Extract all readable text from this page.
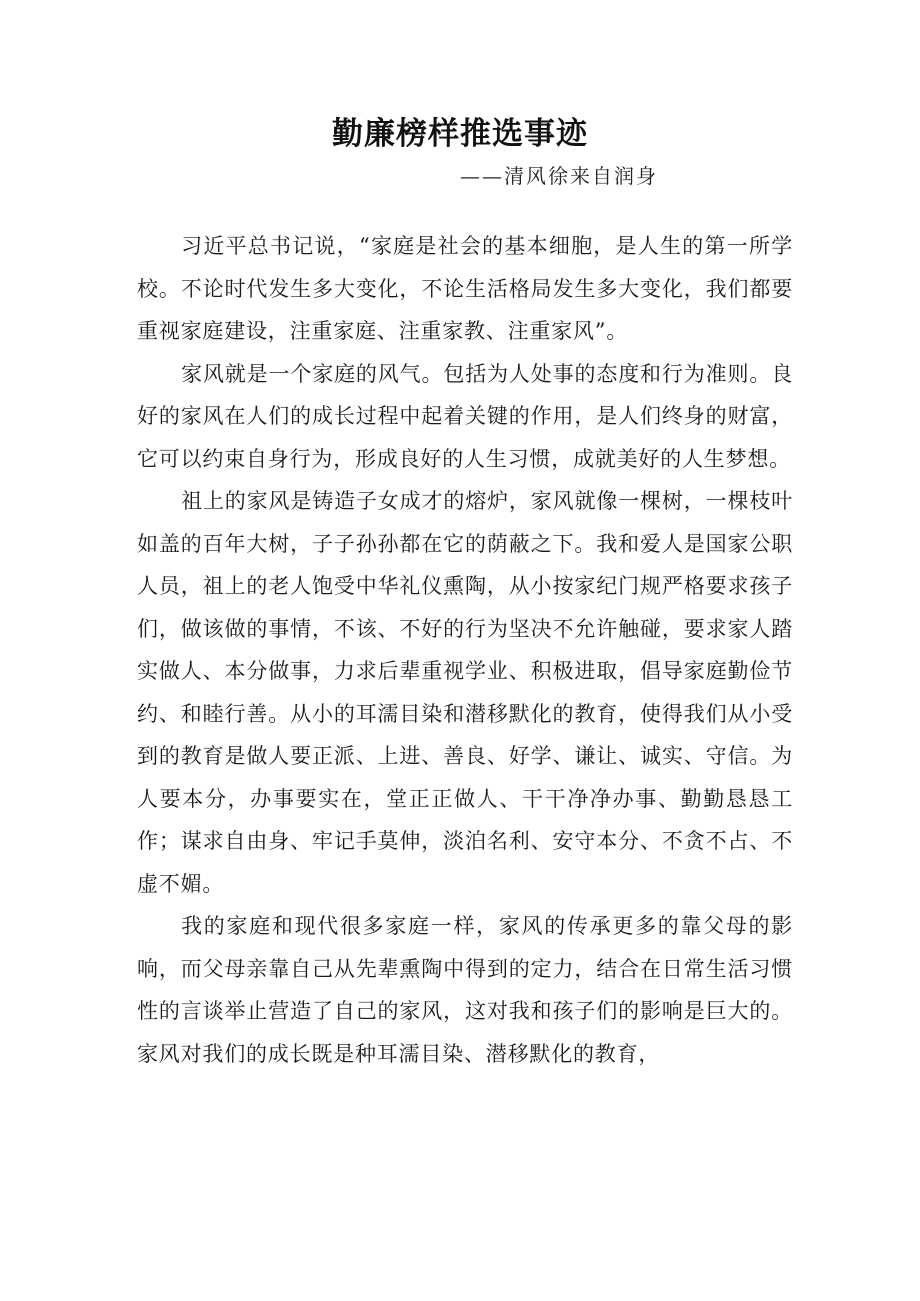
勤廉榜样推选事迹

——清风徐来自润身

习近平总书记说，“家庭是社会的基本细胞，是人生的第一所学校。不论时代发生多大变化，不论生活格局发生多大变化，我们都要重视家庭建设，注重家庭、注重家教、注重家风”。

家风就是一个家庭的风气。包括为人处事的态度和行为准则。良好的家风在人们的成长过程中起着关键的作用，是人们终身的财富，它可以约束自身行为，形成良好的人生习惯，成就美好的人生梦想。

祖上的家风是铸造子女成才的熔炉，家风就像一棵树，一棵枝叶如盖的百年大树，子子孙孙都在它的荫蔽之下。我和爱人是国家公职人员，祖上的老人饱受中华礼仪熏陶，从小按家纪门规严格要求孩子们，做该做的事情，不该、不好的行为坚决不允许触碰，要求家人踏实做人、本分做事，力求后辈重视学业、积极进取，倡导家庭勤俭节约、和睦行善。从小的耳濡目染和潜移默化的教育，使得我们从小受到的教育是做人要正派、上进、善良、好学、谦让、诚实、守信。为人要本分，办事要实在，堂正正做人、干干净净办事、勤勤恳恳工作；谋求自由身、牢记手莫伸，淡泊名利、安守本分、不贪不占、不虚不媚。

我的家庭和现代很多家庭一样，家风的传承更多的靠父母的影响，而父母亲靠自己从先辈熏陶中得到的定力，结合在日常生活习惯性的言谈举止营造了自己的家风，这对我和孩子们的影响是巨大的。家风对我们的成长既是种耳濡目染、潜移默化的教育，
